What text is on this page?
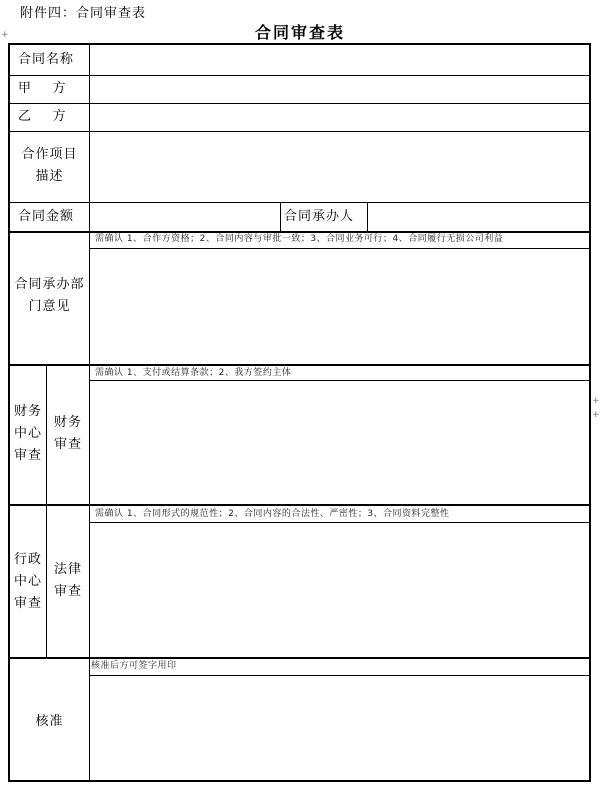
附件四：合同审查表
合同审查表
+
合同名称
甲    方
乙    方
合作项目
描述
合同金额	合同承办人
合同承办部
门意见
需确认 1、合作方资格；2、合同内容与审批一致；3、合同业务可行；4、合同履行无损公司利益
财务
中心
审查
财务
审查
需确认 1、支付或结算条款；2、我方签约主体
行政
中心
审查
法律
审查
需确认 1、合同形式的规范性；2、合同内容的合法性、严密性；3、合同资料完整性
核准
核准后方可签字用印
+
+
